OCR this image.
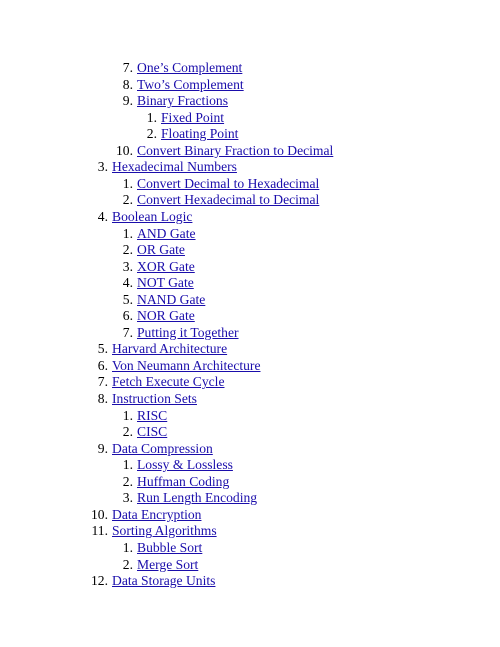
7. One’s Complement
8. Two’s Complement
9. Binary Fractions
1. Fixed Point
2. Floating Point
10. Convert Binary Fraction to Decimal
3. Hexadecimal Numbers
1. Convert Decimal to Hexadecimal
2. Convert Hexadecimal to Decimal
4. Boolean Logic
1. AND Gate
2. OR Gate
3. XOR Gate
4. NOT Gate
5. NAND Gate
6. NOR Gate
7. Putting it Together
5. Harvard Architecture
6. Von Neumann Architecture
7. Fetch Execute Cycle
8. Instruction Sets
1. RISC
2. CISC
9. Data Compression
1. Lossy & Lossless
2. Huffman Coding
3. Run Length Encoding
10. Data Encryption
11. Sorting Algorithms
1. Bubble Sort
2. Merge Sort
12. Data Storage Units
